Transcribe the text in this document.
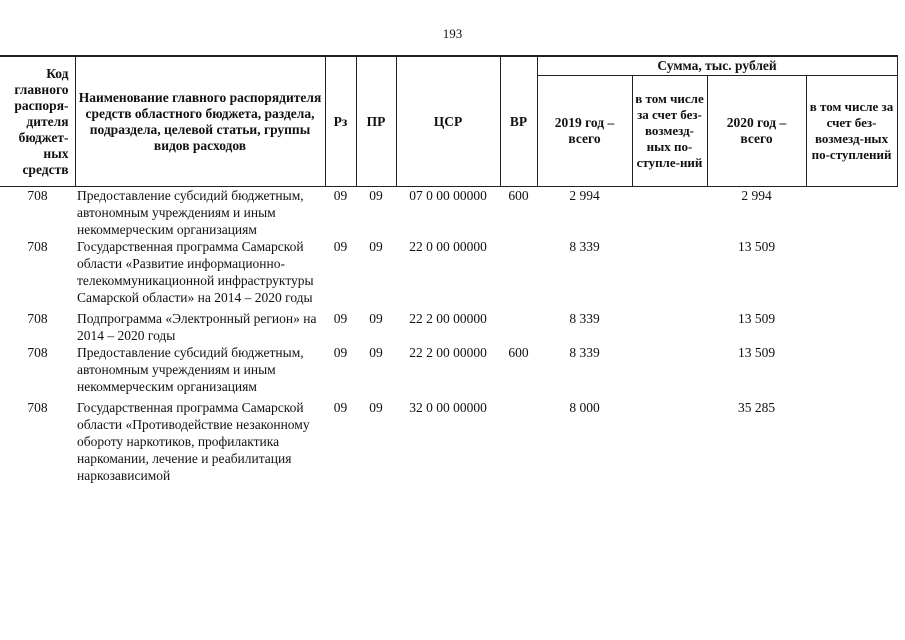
193
Код главного распоря-дителя бюджет-ных средств	Наименование главного распорядителя средств областного бюджета, раздела, подраздела, целевой статьи, группы видов расходов	Рз	ПР	ЦСР	ВР	Сумма, тыс. рублей			
						2019 год – всего	в том числе за счет без-возмезд-ных по-ступле-ний	2020 год – всего	в том числе за счет без-возмезд-ных по-ступлений
708	Предоставление субсидий бюджетным, автономным учреждениям и иным некоммерческим организациям	09	09	07 0 00 00000	600	2 994		2 994	
708	Государственная программа Самарской области «Развитие информационно-телекоммуникационной инфраструктуры Самарской области» на 2014 – 2020 годы	09	09	22 0 00 00000		8 339		13 509	
708	Подпрограмма «Электронный регион» на 2014 – 2020 годы	09	09	22 2 00 00000		8 339		13 509	
708	Предоставление субсидий бюджетным, автономным учреждениям и иным некоммерческим организациям	09	09	22 2 00 00000	600	8 339		13 509	
708	Государственная программа Самарской области «Противодействие незаконному обороту наркотиков, профилактика наркомании, лечение и реабилитация наркозависимой	09	09	32 0 00 00000		8 000		35 285	
